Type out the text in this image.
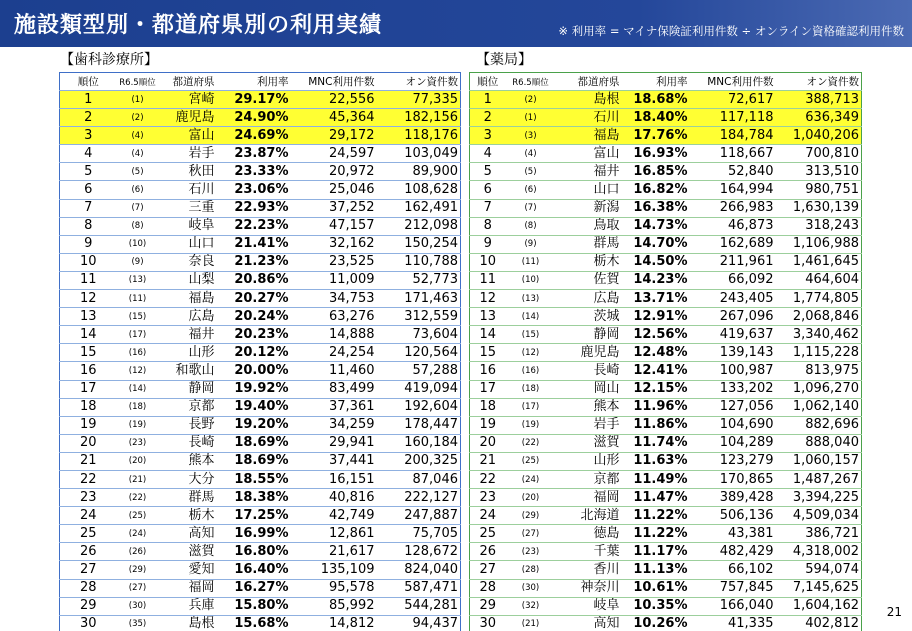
施設類型別・都道府県別の利用実績	※ 利用率 = マイナ保険証利用件数 ÷ オンライン資格確認利用件数
【歯科診療所】	【薬局】
順位	R6.5順位	都道府県	利用率	MNC利用件数	オン資件数
1	(1)	宮崎	29.17%	22,556	77,335
2	(2)	鹿児島	24.90%	45,364	182,156
3	(4)	富山	24.69%	29,172	118,176
4	(4)	岩手	23.87%	24,597	103,049
5	(5)	秋田	23.33%	20,972	89,900
6	(6)	石川	23.06%	25,046	108,628
7	(7)	三重	22.93%	37,252	162,491
8	(8)	岐阜	22.23%	47,157	212,098
9	(10)	山口	21.41%	32,162	150,254
10	(9)	奈良	21.23%	23,525	110,788
11	(13)	山梨	20.86%	11,009	52,773
12	(11)	福島	20.27%	34,753	171,463
13	(15)	広島	20.24%	63,276	312,559
14	(17)	福井	20.23%	14,888	73,604
15	(16)	山形	20.12%	24,254	120,564
16	(12)	和歌山	20.00%	11,460	57,288
17	(14)	静岡	19.92%	83,499	419,094
18	(18)	京都	19.40%	37,361	192,604
19	(19)	長野	19.20%	34,259	178,447
20	(23)	長崎	18.69%	29,941	160,184
21	(20)	熊本	18.69%	37,441	200,325
22	(21)	大分	18.55%	16,151	87,046
23	(22)	群馬	18.38%	40,816	222,127
24	(25)	栃木	17.25%	42,749	247,887
25	(24)	高知	16.99%	12,861	75,705
26	(26)	滋賀	16.80%	21,617	128,672
27	(29)	愛知	16.40%	135,109	824,040
28	(27)	福岡	16.27%	95,578	587,471
29	(30)	兵庫	15.80%	85,992	544,281
30	(35)	島根	15.68%	14,812	94,437
順位	R6.5順位	都道府県	利用率	MNC利用件数	オン資件数
1	(2)	島根	18.68%	72,617	388,713
2	(1)	石川	18.40%	117,118	636,349
3	(3)	福島	17.76%	184,784	1,040,206
4	(4)	富山	16.93%	118,667	700,810
5	(5)	福井	16.85%	52,840	313,510
6	(6)	山口	16.82%	164,994	980,751
7	(7)	新潟	16.38%	266,983	1,630,139
8	(8)	鳥取	14.73%	46,873	318,243
9	(9)	群馬	14.70%	162,689	1,106,988
10	(11)	栃木	14.50%	211,961	1,461,645
11	(10)	佐賀	14.23%	66,092	464,604
12	(13)	広島	13.71%	243,405	1,774,805
13	(14)	茨城	12.91%	267,096	2,068,846
14	(15)	静岡	12.56%	419,637	3,340,462
15	(12)	鹿児島	12.48%	139,143	1,115,228
16	(16)	長崎	12.41%	100,987	813,975
17	(18)	岡山	12.15%	133,202	1,096,270
18	(17)	熊本	11.96%	127,056	1,062,140
19	(19)	岩手	11.86%	104,690	882,696
20	(22)	滋賀	11.74%	104,289	888,040
21	(25)	山形	11.63%	123,279	1,060,157
22	(24)	京都	11.49%	170,865	1,487,267
23	(20)	福岡	11.47%	389,428	3,394,225
24	(29)	北海道	11.22%	506,136	4,509,034
25	(27)	徳島	11.22%	43,381	386,721
26	(23)	千葉	11.17%	482,429	4,318,002
27	(28)	香川	11.13%	66,102	594,074
28	(30)	神奈川	10.61%	757,845	7,145,625
29	(32)	岐阜	10.35%	166,040	1,604,162
30	(21)	高知	10.26%	41,335	402,812
21
